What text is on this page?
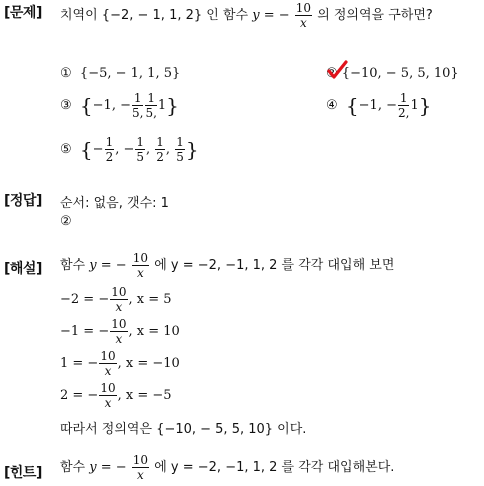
[문제] 치역이 {−2, − 1, 1, 2} 인 함수 y = − $\frac{10}{x}$ 의 정의역을 구하면?
① {−5, − 1, 1, 5}	② {−10, − 5, 5, 10}
③ {−1, − $\frac{1}{5,} \frac{1}{5,} 1$}	④ {−1, − $\frac{1}{2,} 1$}
⑤ {− $\frac{1}{2}$ , − $\frac{1}{5}$ , $\frac{1}{2}$ , $\frac{1}{5}$ }
[정답] 순서: 없음, 갯수: 1
②
[해설] 함수 y = − $\frac{10}{x}$ 에 y = −2, −1, 1, 2 를 각각 대입해 보면
−2 = − $\frac{10}{x}$ , x = 5
−1 = − $\frac{10}{x}$ , x = 10
1 = − $\frac{10}{x}$ , x = −10
2 = − $\frac{10}{x}$ , x = −5
따라서 정의역은 {−10, − 5, 5, 10} 이다.
[힌트] 함수 y = − $\frac{10}{x}$ 에 y = −2, −1, 1, 2 를 각각 대입해본다.
